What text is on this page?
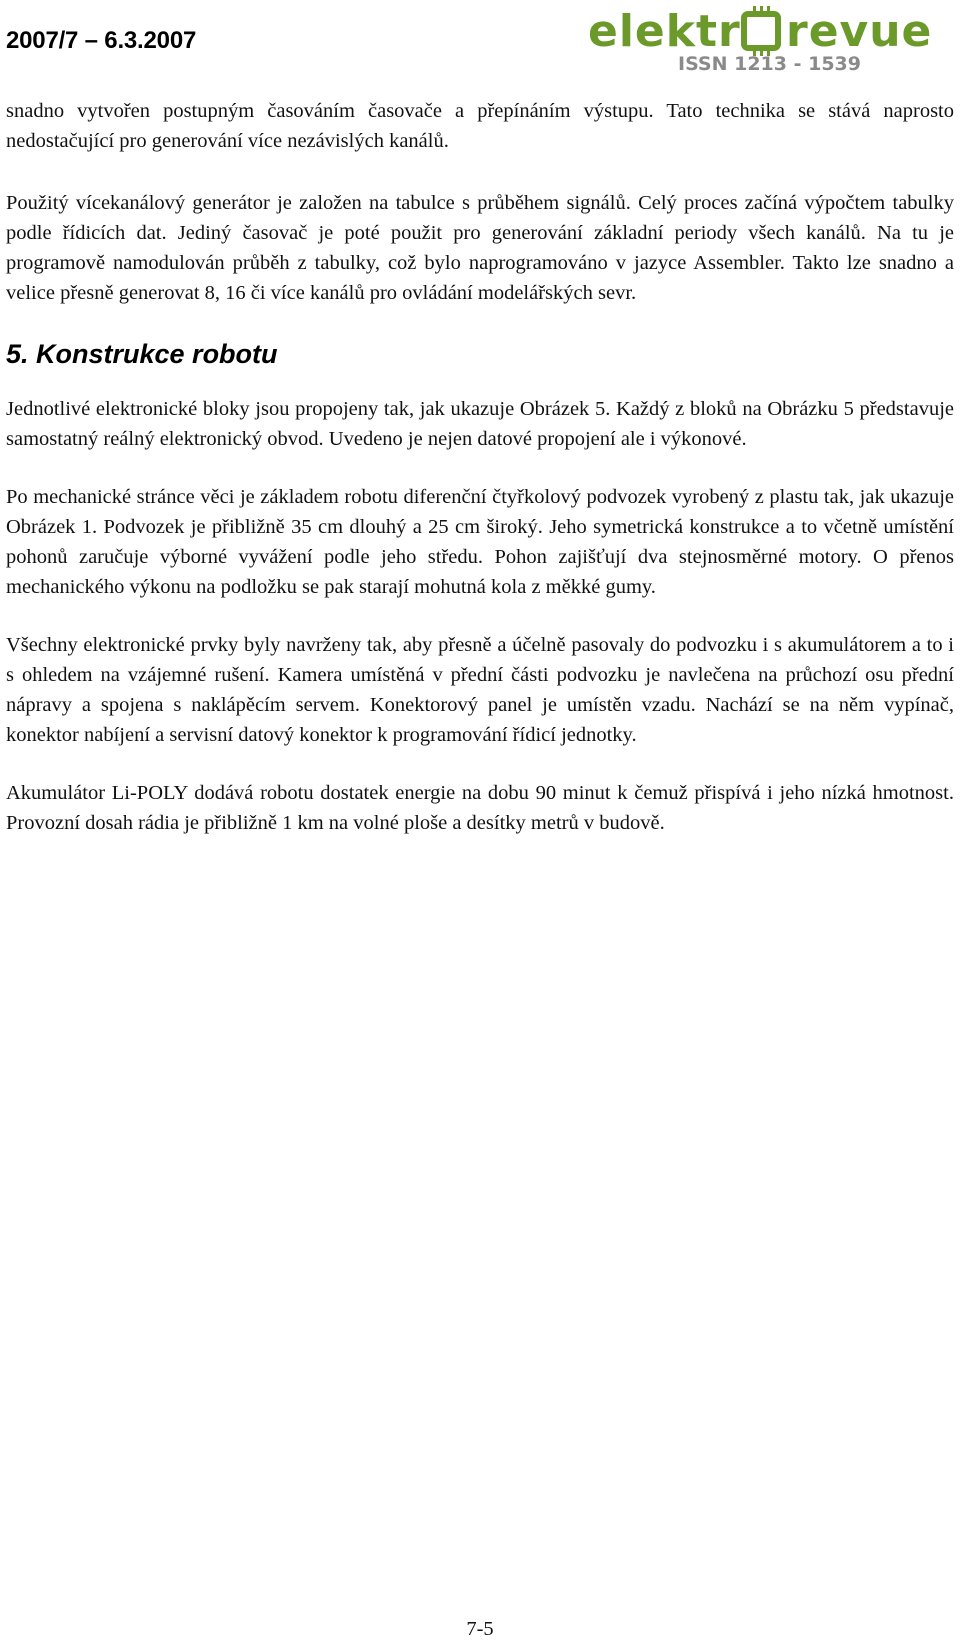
2007/7 – 6.3.2007	elektr revue
ISSN 1213 - 1539

snadno vytvořen postupným časováním časovače a přepínáním výstupu. Tato technika se stává naprosto nedostačující pro generování více nezávislých kanálů.

Použitý vícekanálový generátor je založen na tabulce s průběhem signálů. Celý proces začíná výpočtem tabulky podle řídicích dat. Jediný časovač je poté použit pro generování základní periody všech kanálů. Na tu je programově namodulován průběh z tabulky, což bylo naprogramováno v jazyce Assembler. Takto lze snadno a velice přesně generovat 8, 16 či více kanálů pro ovládání modelářských sevr.

5. Konstrukce robotu

Jednotlivé elektronické bloky jsou propojeny tak, jak ukazuje Obrázek 5. Každý z bloků na Obrázku 5 představuje samostatný reálný elektronický obvod. Uvedeno je nejen datové propojení ale i výkonové.

Po mechanické stránce věci je základem robotu diferenční čtyřkolový podvozek vyrobený z plastu tak, jak ukazuje Obrázek 1. Podvozek je přibližně 35 cm dlouhý a 25 cm široký. Jeho symetrická konstrukce a to včetně umístění pohonů zaručuje výborné vyvážení podle jeho středu. Pohon zajišťují dva stejnosměrné motory. O přenos mechanického výkonu na podložku se pak starají mohutná kola z měkké gumy.

Všechny elektronické prvky byly navrženy tak, aby přesně a účelně pasovaly do podvozku i s akumulátorem a to i s ohledem na vzájemné rušení. Kamera umístěná v přední části podvozku je navlečena na průchozí osu přední nápravy a spojena s naklápěcím servem. Konektorový panel je umístěn vzadu. Nachází se na něm vypínač, konektor nabíjení a servisní datový konektor k programování řídicí jednotky.

Akumulátor Li-POLY dodává robotu dostatek energie na dobu 90 minut k čemuž přispívá i jeho nízká hmotnost. Provozní dosah rádia je přibližně 1 km na volné ploše a desítky metrů v budově.

7-5
